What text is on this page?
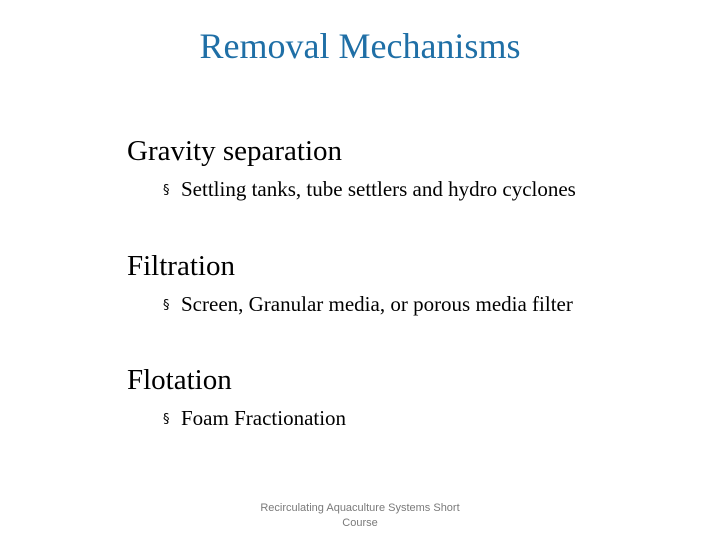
Removal Mechanisms
Gravity separation
§ Settling tanks, tube settlers and hydro cyclones
Filtration
§ Screen, Granular media, or porous media filter
Flotation
§ Foam Fractionation
Recirculating Aquaculture Systems Short Course
